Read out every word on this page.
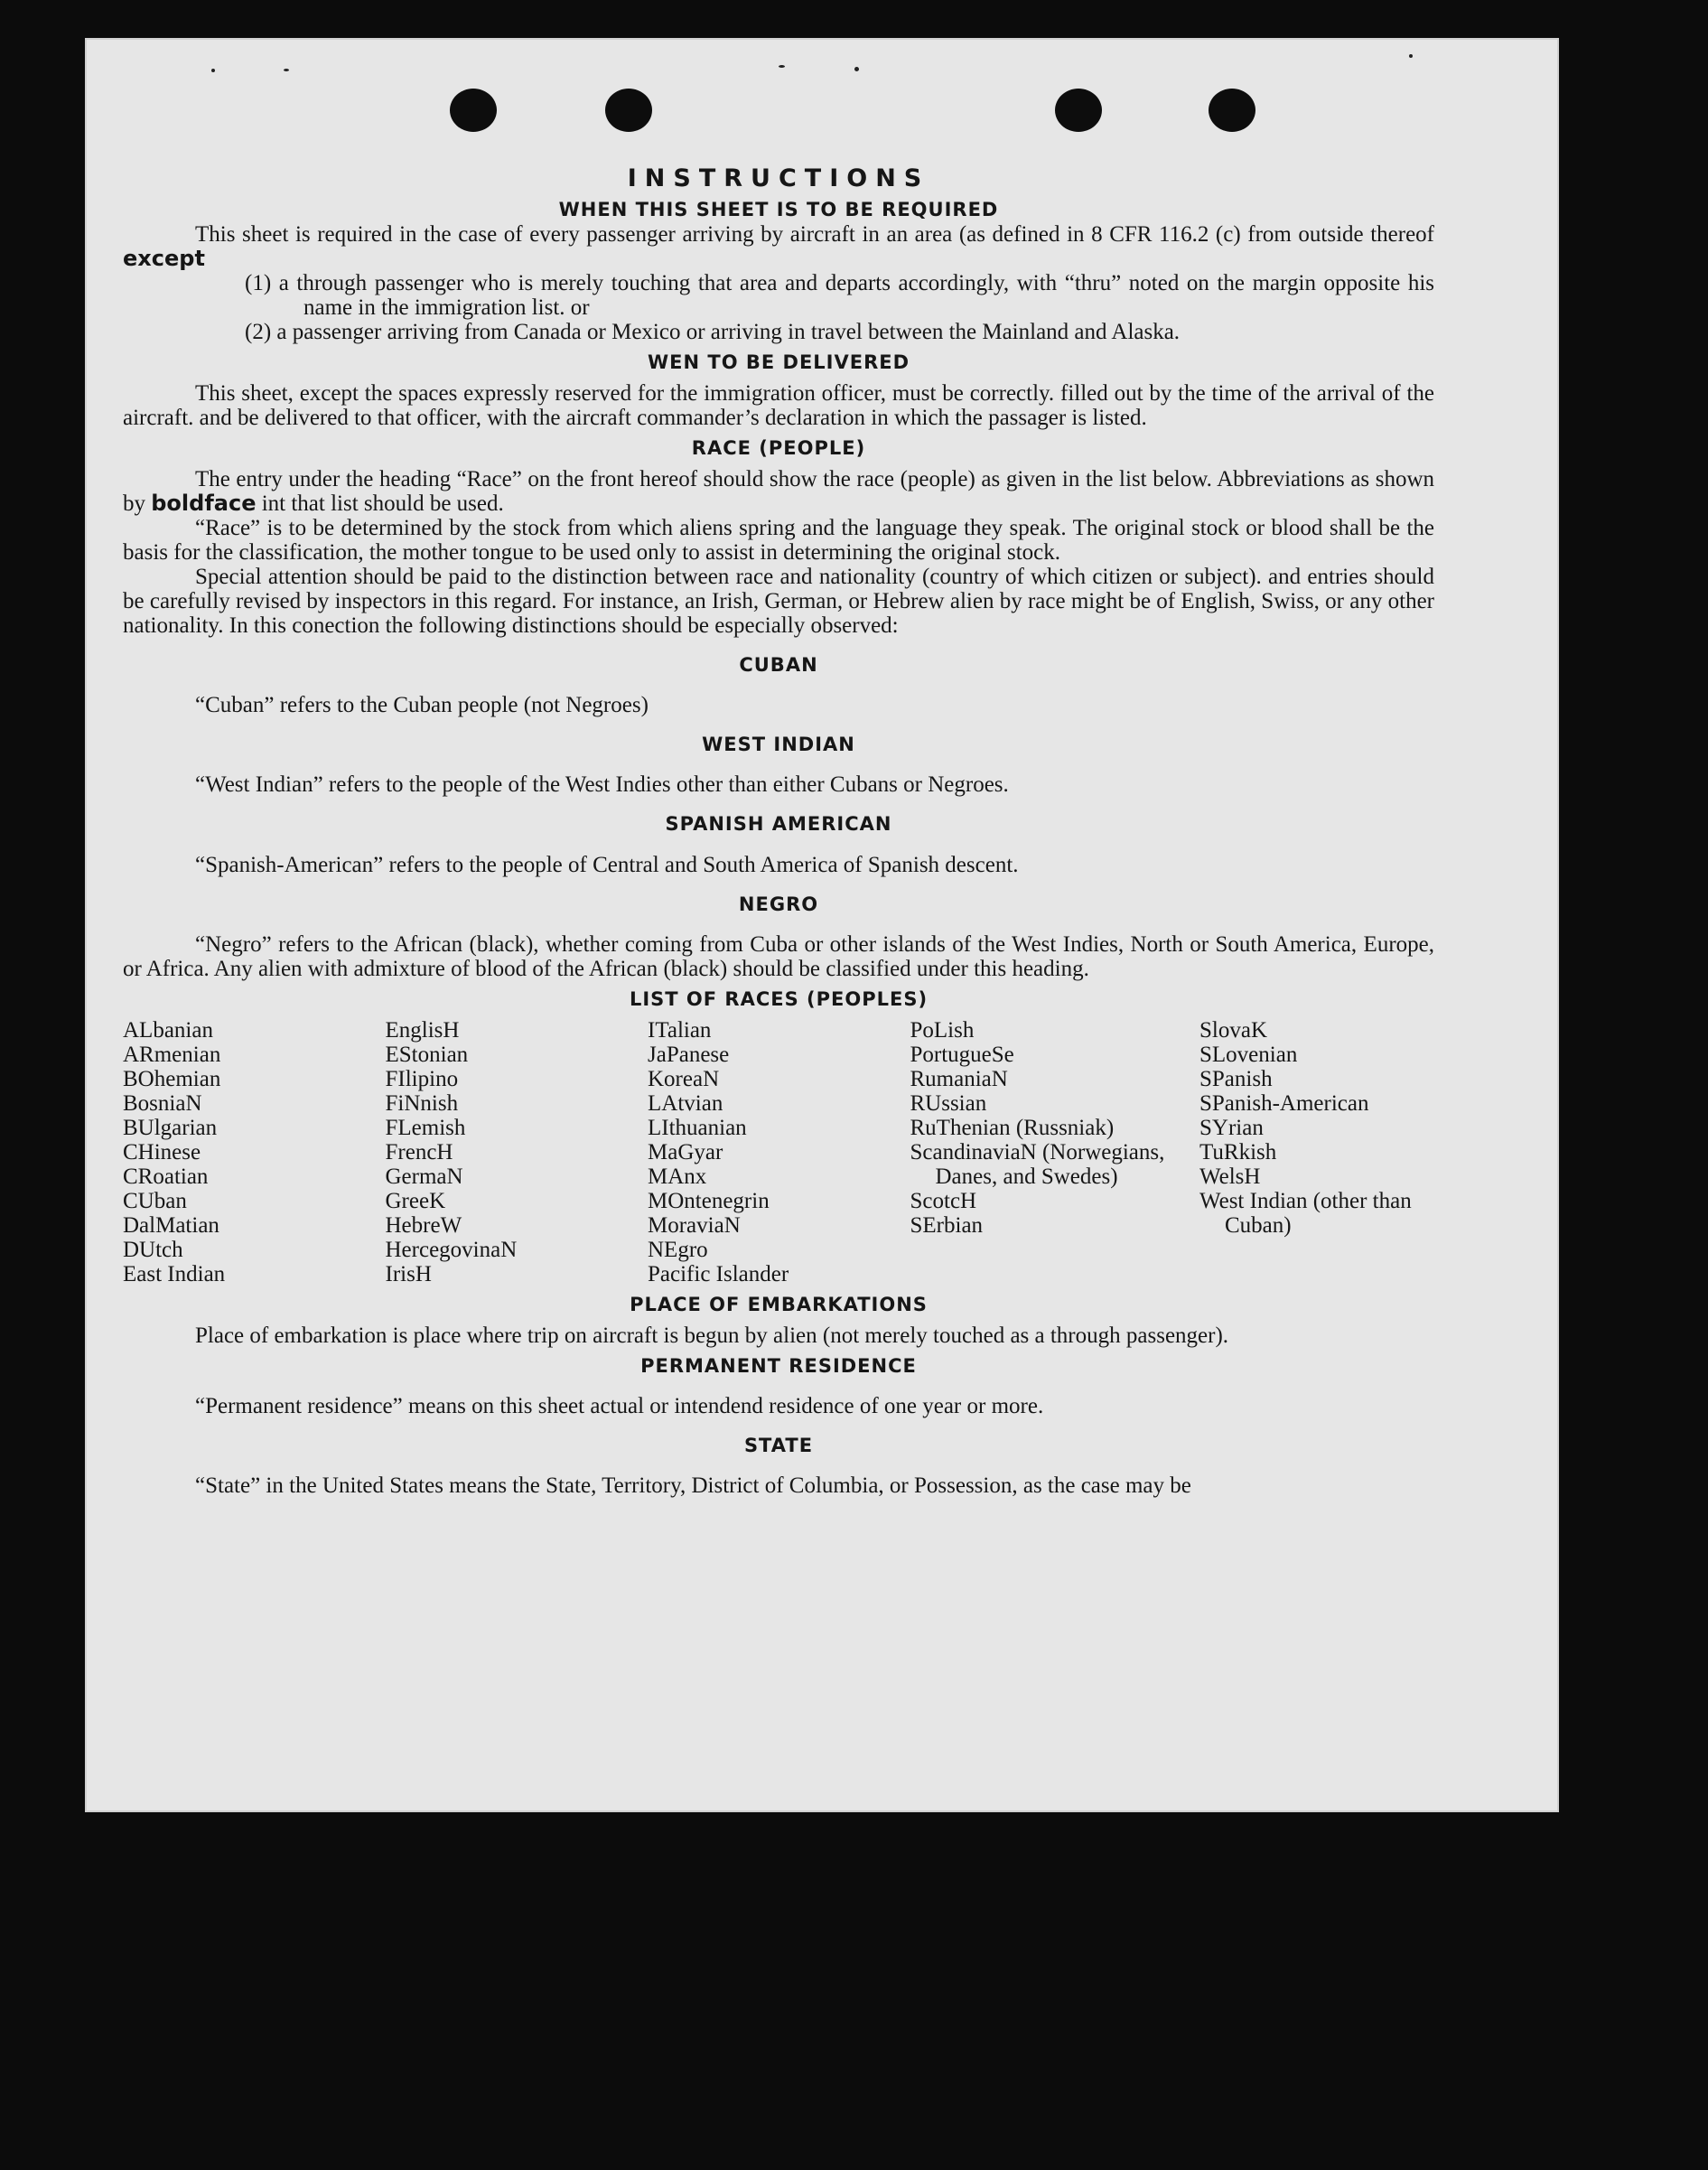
INSTRUCTIONS
WHEN THIS SHEET IS TO BE REQUIRED

This sheet is required in the case of every passenger arriving by aircraft in an area (as defined in 8 CFR 116.2 (c) from outside thereof except

(1) a through passenger who is merely touching that area and departs accordingly, with “thru” noted on the margin opposite his name in the immigration list. or

(2) a passenger arriving from Canada or Mexico or arriving in travel between the Mainland and Alaska.

WEN TO BE DELIVERED

This sheet, except the spaces expressly reserved for the immigration officer, must be correctly. filled out by the time of the arrival of the aircraft. and be delivered to that officer, with the aircraft commander’s declaration in which the passager is listed.

RACE (PEOPLE)

The entry under the heading “Race” on the front hereof should show the race (people) as given in the list below. Abbreviations as shown by boldface int that list should be used.

“Race” is to be determined by the stock from which aliens spring and the language they speak. The original stock or blood shall be the basis for the classification, the mother tongue to be used only to assist in determining the original stock.

Special attention should be paid to the distinction between race and nationality (country of which citizen or subject). and entries should be carefully revised by inspectors in this regard. For instance, an Irish, German, or Hebrew alien by race might be of English, Swiss, or any other nationality. In this conection the following distinctions should be especially observed:

CUBAN

“Cuban” refers to the Cuban people (not Negroes)

WEST INDIAN

“West Indian” refers to the people of the West Indies other than either Cubans or Negroes.

SPANISH AMERICAN

“Spanish-American” refers to the people of Central and South America of Spanish descent.

NEGRO

“Negro” refers to the African (black), whether coming from Cuba or other islands of the West Indies, North or South America, Europe, or Africa. Any alien with admixture of blood of the African (black) should be classified under this heading.

LIST OF RACES (PEOPLES)
ALbanian
ARmenian
BOhemian
BosniaN
BUlgarian
CHinese
CRoatian
CUban
DalMatian
DUtch
East Indian
EnglisH
EStonian
FIlipino
FiNnish
FLemish
FrencH
GermaN
GreeK
HebreW
HercegovinaN
IrisH
ITalian
JaPanese
KoreaN
LAtvian
LIthuanian
MaGyar
MAnx
MOntenegrin
MoraviaN
NEgro
Pacific Islander
PoLish
PortugueSe
RumaniaN
RUssian
RuThenian (Russniak)
ScandinaviaN (Norwegians, Danes, and Swedes)
ScotcH
SErbian
SlovaK
SLovenian
SPanish
SPanish-American
SYrian
TuRkish
WelsH
West Indian (other than Cuban)
PLACE OF EMBARKATIONS

Place of embarkation is place where trip on aircraft is begun by alien (not merely touched as a through passenger).

PERMANENT RESIDENCE

“Permanent residence” means on this sheet actual or intendend residence of one year or more.

STATE

“State” in the United States means the State, Territory, District of Columbia, or Possession, as the case may be
